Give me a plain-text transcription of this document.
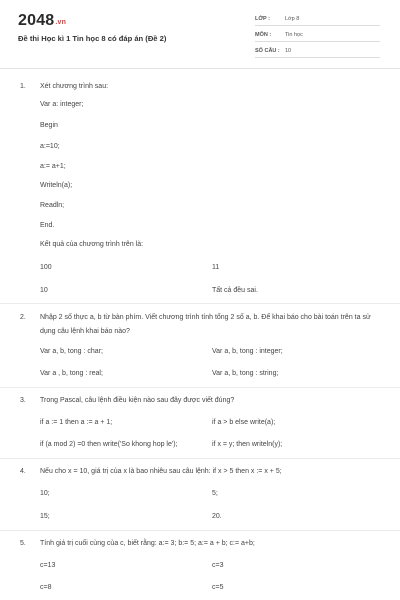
2048.vn
Đề thi Học kì 1 Tin học 8 có đáp án (Đề 2)
LỚP :	Lớp 8
MÔN :	Tin học
SỐ CÂU : 10
1. Xét chương trình sau:
Var a: integer;
Begin
a:=10;
a:= a+1;
Writeln(a);
Readln;
End.
Kết quả của chương trình trên là:
100	11
10	Tất cả đều sai.
2. Nhập 2 số thực a, b từ bàn phím. Viết chương trình tính tổng 2 số a, b. Để khai báo cho bài toán trên ta sử dụng câu lệnh khai báo nào?
Var a, b, tong : char;	Var a, b, tong : integer;
Var a , b, tong : real;	Var a, b, tong : string;
3. Trong Pascal, câu lệnh điều kiện nào sau đây được viết đúng?
if a := 1 then a := a + 1;	if a > b else write(a);
if (a mod 2) =0 then write('So khong hop le');	if x = y; then writeln(y);
4. Nếu cho x = 10, giá trị của x là bao nhiêu sau câu lệnh: if x > 5 then x := x + 5;
10;	5;
15;	20.
5. Tính giá trị cuối cùng của c, biết rằng: a:= 3; b:= 5; a:= a + b; c:= a+b;
c=13	c=3
c=8	c=5
